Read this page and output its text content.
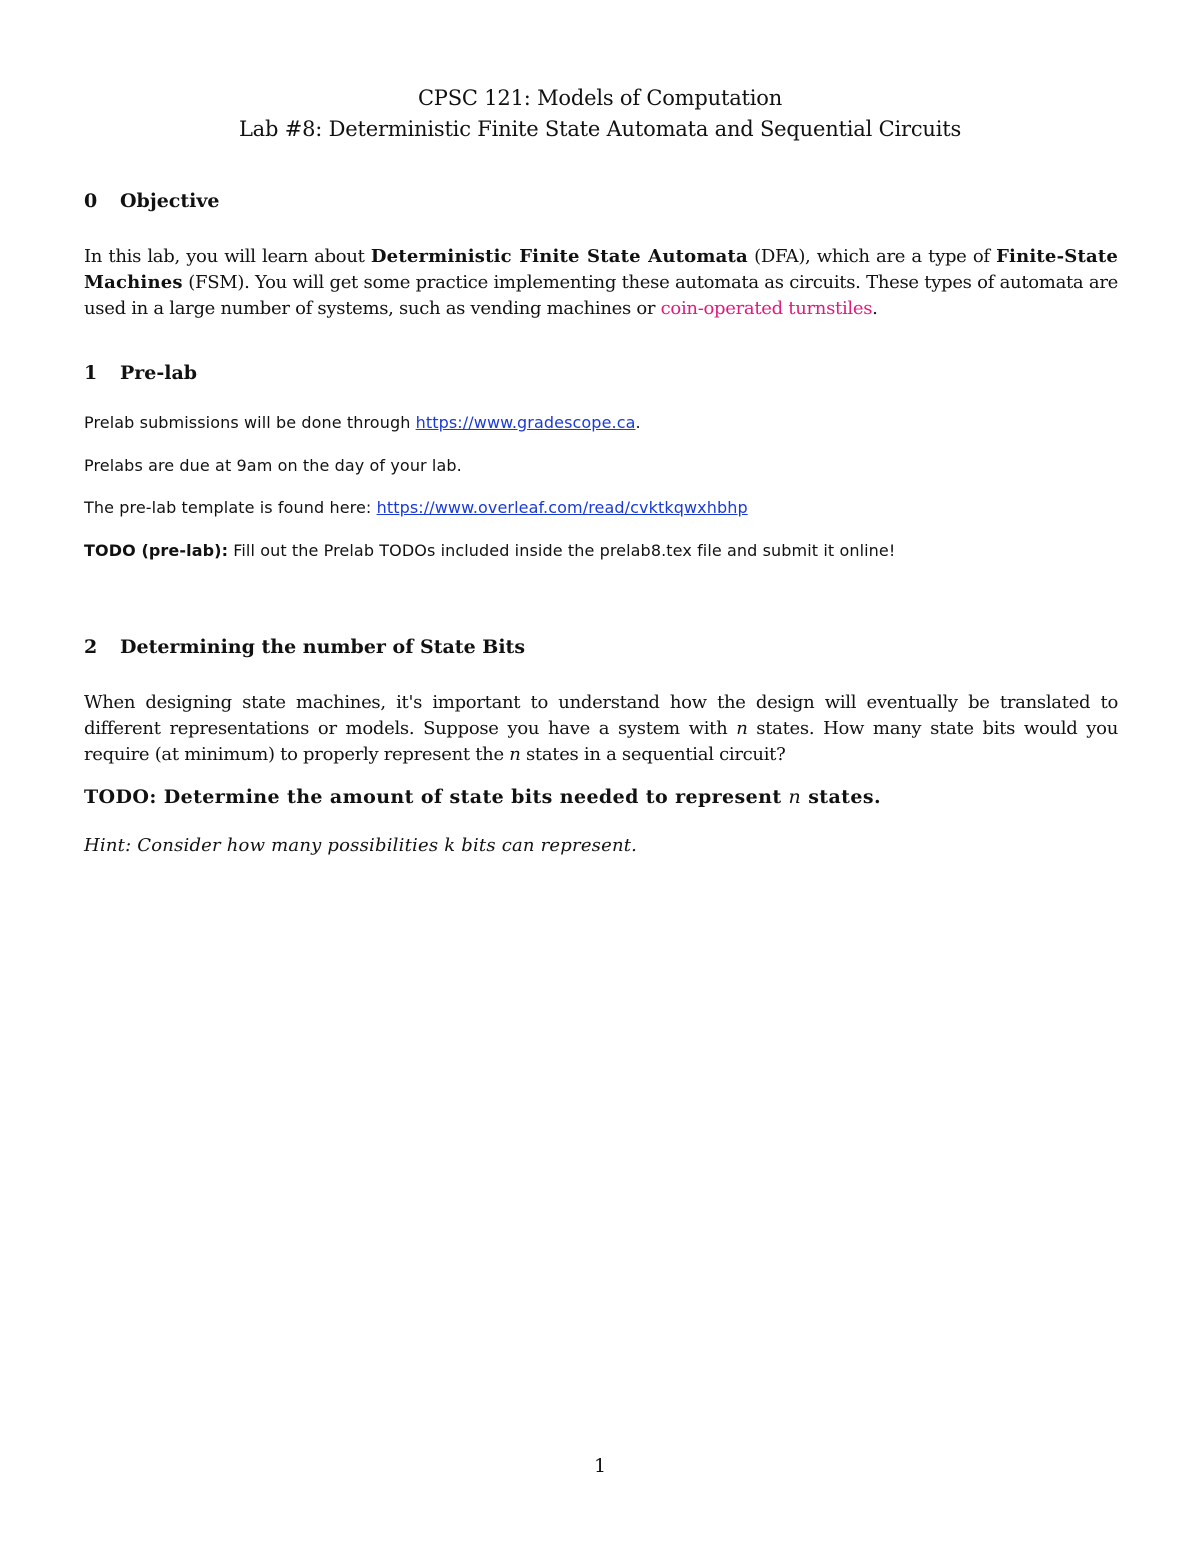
CPSC 121: Models of Computation
Lab #8: Deterministic Finite State Automata and Sequential Circuits
0 Objective
In this lab, you will learn about Deterministic Finite State Automata (DFA), which are a type of Finite-State Machines (FSM). You will get some practice implementing these automata as circuits. These types of automata are used in a large number of systems, such as vending machines or coin-operated turnstiles.
1 Pre-lab
Prelab submissions will be done through https://www.gradescope.ca.
Prelabs are due at 9am on the day of your lab.
The pre-lab template is found here: https://www.overleaf.com/read/cvktkqwxhbhp
TODO (pre-lab): Fill out the Prelab TODOs included inside the prelab8.tex file and submit it online!
2 Determining the number of State Bits
When designing state machines, it's important to understand how the design will eventually be translated to different representations or models. Suppose you have a system with n states. How many state bits would you require (at minimum) to properly represent the n states in a sequential circuit?
TODO: Determine the amount of state bits needed to represent n states.
Hint: Consider how many possibilities k bits can represent.
1
